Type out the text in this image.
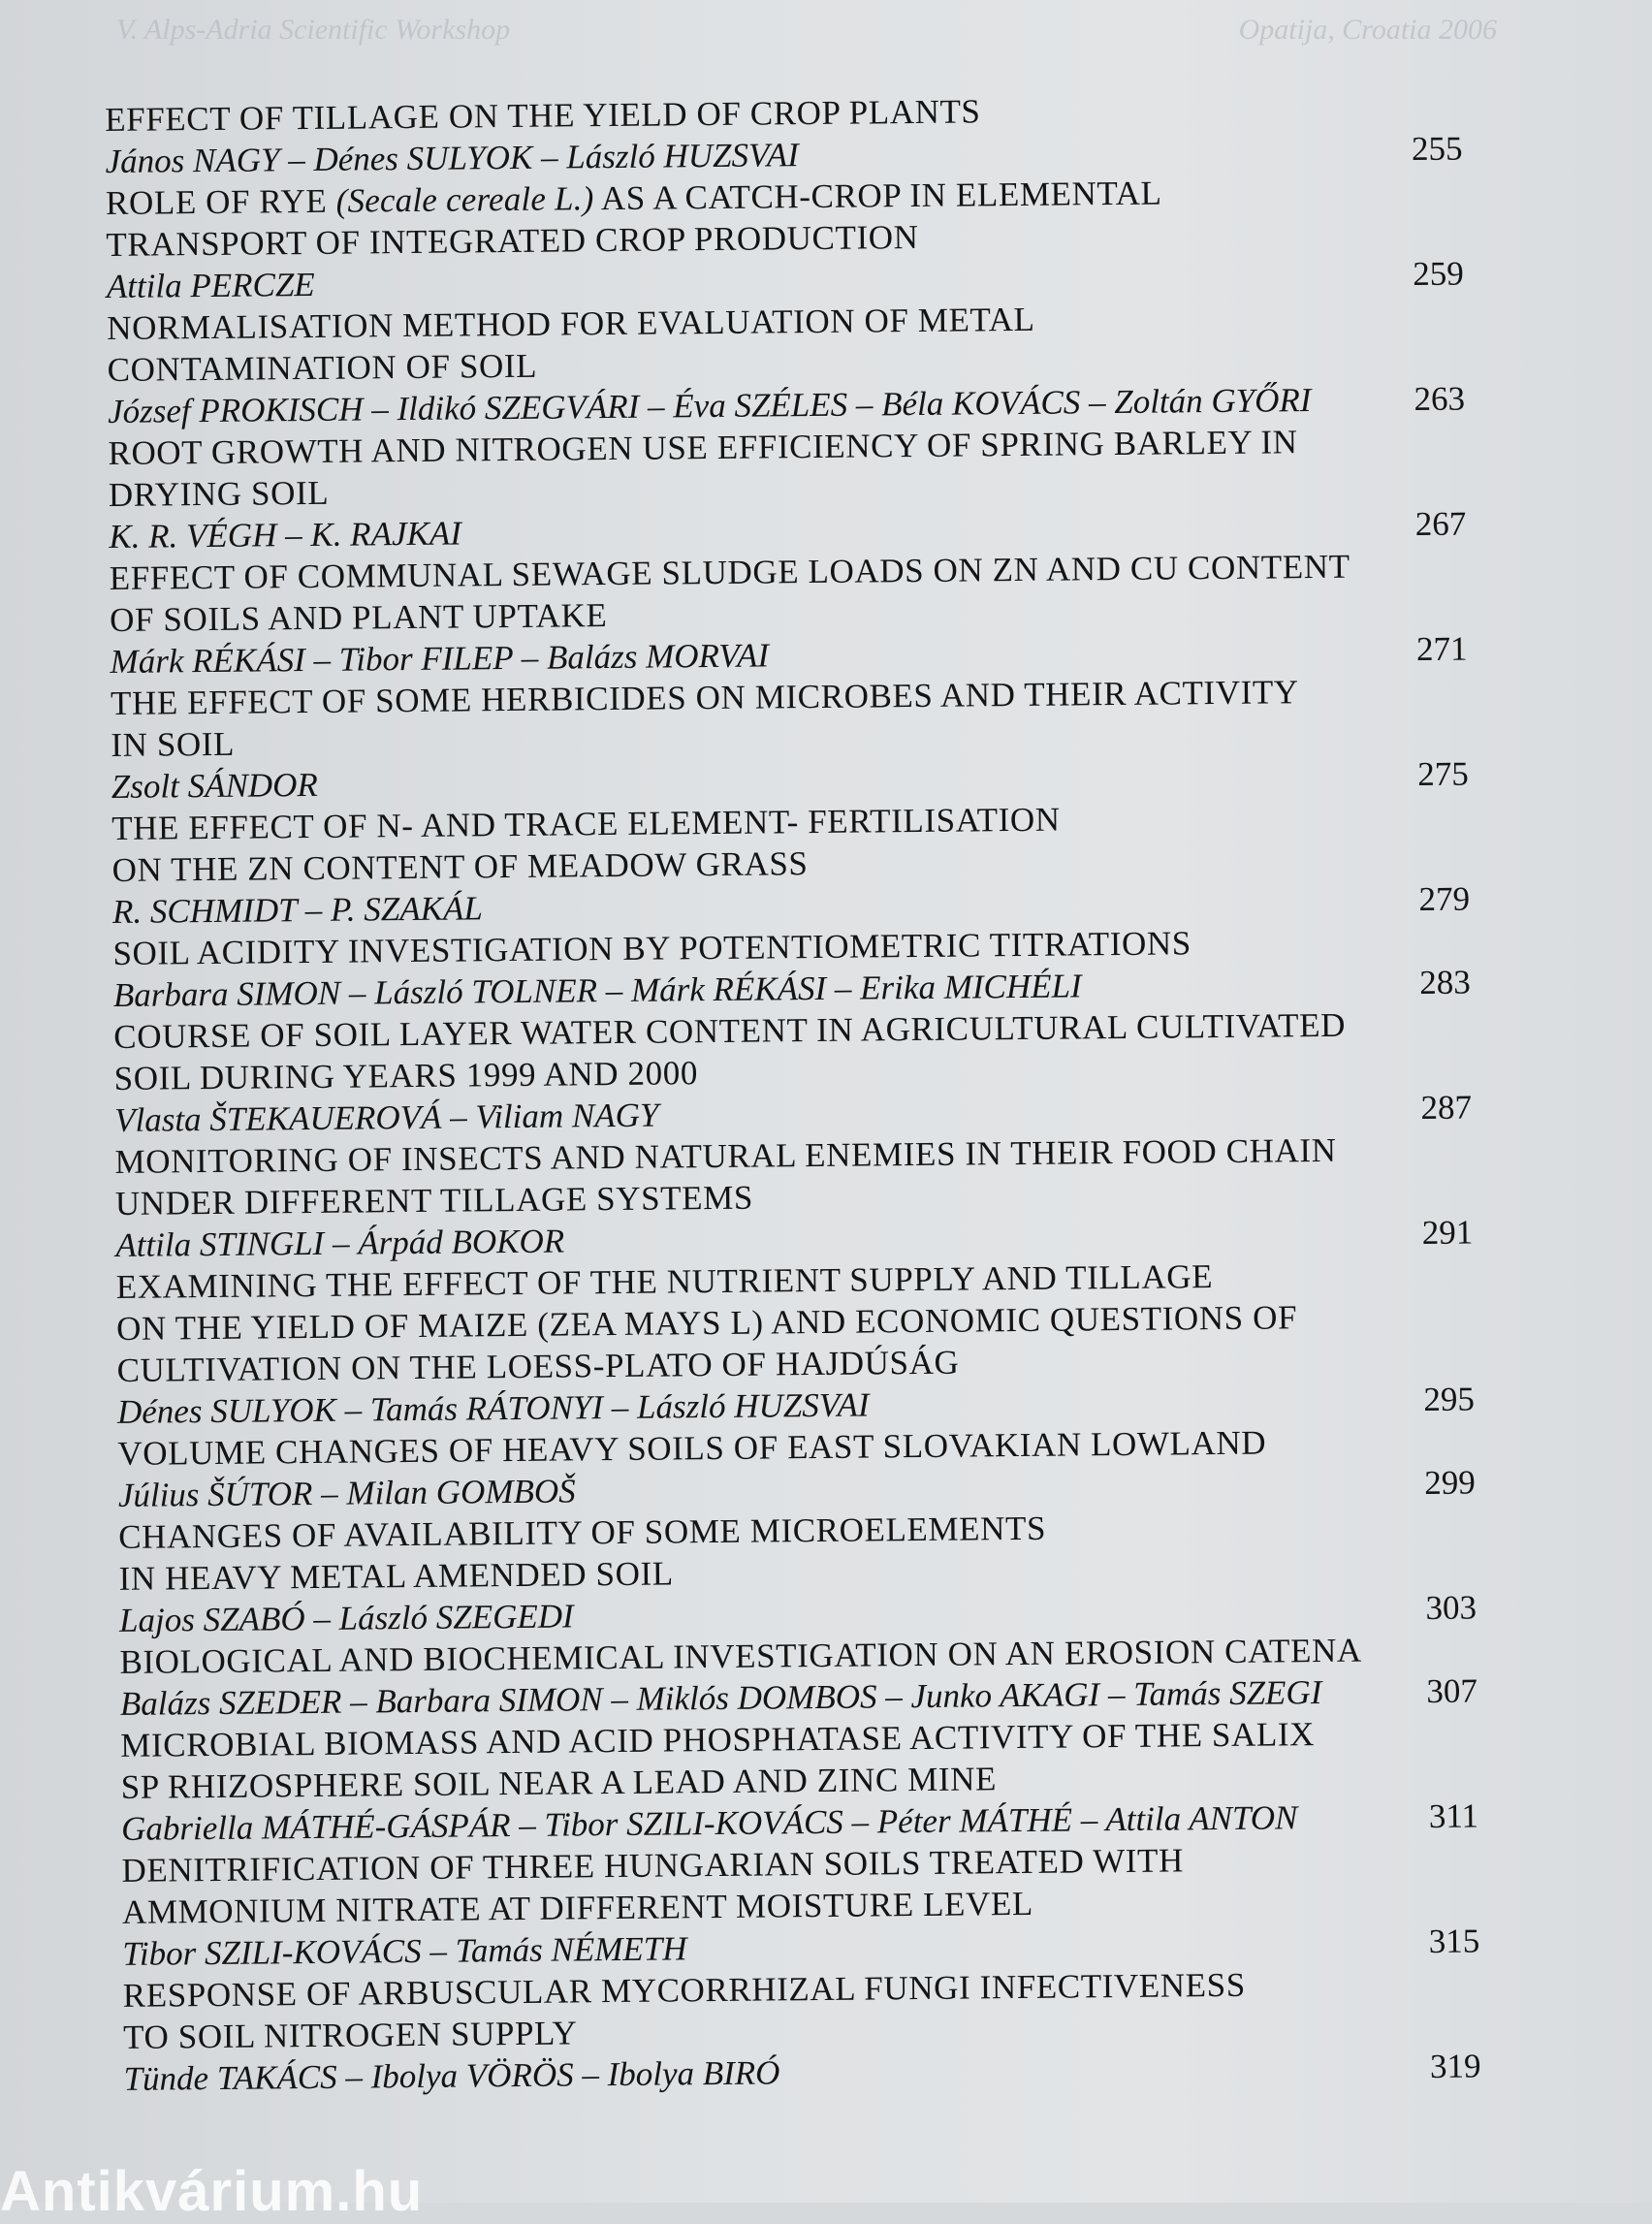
V. Alps-Adria Scientific Workshop	Opatija, Croatia 2006
EFFECT OF TILLAGE ON THE YIELD OF CROP PLANTS
János NAGY – Dénes SULYOK – László HUZSVAI	255
ROLE OF RYE (Secale cereale L.) AS A CATCH-CROP IN ELEMENTAL
TRANSPORT OF INTEGRATED CROP PRODUCTION
Attila PERCZE	259
NORMALISATION METHOD FOR EVALUATION OF METAL
CONTAMINATION OF SOIL
József PROKISCH – Ildikó SZEGVÁRI – Éva SZÉLES – Béla KOVÁCS – Zoltán GYŐRI	263
ROOT GROWTH AND NITROGEN USE EFFICIENCY OF SPRING BARLEY IN
DRYING SOIL
K. R. VÉGH – K. RAJKAI	267
EFFECT OF COMMUNAL SEWAGE SLUDGE LOADS ON ZN AND CU CONTENT
OF SOILS AND PLANT UPTAKE
Márk RÉKÁSI – Tibor FILEP – Balázs MORVAI	271
THE EFFECT OF SOME HERBICIDES ON MICROBES AND THEIR ACTIVITY
IN SOIL
Zsolt SÁNDOR	275
THE EFFECT OF N- AND TRACE ELEMENT- FERTILISATION
ON THE ZN CONTENT OF MEADOW GRASS
R. SCHMIDT – P. SZAKÁL	279
SOIL ACIDITY INVESTIGATION BY POTENTIOMETRIC TITRATIONS
Barbara SIMON – László TOLNER – Márk RÉKÁSI – Erika MICHÉLI	283
COURSE OF SOIL LAYER WATER CONTENT IN AGRICULTURAL CULTIVATED
SOIL DURING YEARS 1999 AND 2000
Vlasta ŠTEKAUEROVÁ – Viliam NAGY	287
MONITORING OF INSECTS AND NATURAL ENEMIES IN THEIR FOOD CHAIN
UNDER DIFFERENT TILLAGE SYSTEMS
Attila STINGLI – Árpád BOKOR	291
EXAMINING THE EFFECT OF THE NUTRIENT SUPPLY AND TILLAGE
ON THE YIELD OF MAIZE (ZEA MAYS L) AND ECONOMIC QUESTIONS OF
CULTIVATION ON THE LOESS-PLATO OF HAJDÚSÁG
Dénes SULYOK – Tamás RÁTONYI – László HUZSVAI	295
VOLUME CHANGES OF HEAVY SOILS OF EAST SLOVAKIAN LOWLAND
Július ŠÚTOR – Milan GOMBOŠ	299
CHANGES OF AVAILABILITY OF SOME MICROELEMENTS
IN HEAVY METAL AMENDED SOIL
Lajos SZABÓ – László SZEGEDI	303
BIOLOGICAL AND BIOCHEMICAL INVESTIGATION ON AN EROSION CATENA
Balázs SZEDER – Barbara SIMON – Miklós DOMBOS – Junko AKAGI – Tamás SZEGI	307
MICROBIAL BIOMASS AND ACID PHOSPHATASE ACTIVITY OF THE SALIX
SP RHIZOSPHERE SOIL NEAR A LEAD AND ZINC MINE
Gabriella MÁTHÉ-GÁSPÁR – Tibor SZILI-KOVÁCS – Péter MÁTHÉ – Attila ANTON	311
DENITRIFICATION OF THREE HUNGARIAN SOILS TREATED WITH
AMMONIUM NITRATE AT DIFFERENT MOISTURE LEVEL
Tibor SZILI-KOVÁCS – Tamás NÉMETH	315
RESPONSE OF ARBUSCULAR MYCORRHIZAL FUNGI INFECTIVENESS
TO SOIL NITROGEN SUPPLY
Tünde TAKÁCS – Ibolya VÖRÖS – Ibolya BIRÓ	319
Antikvárium.hu
